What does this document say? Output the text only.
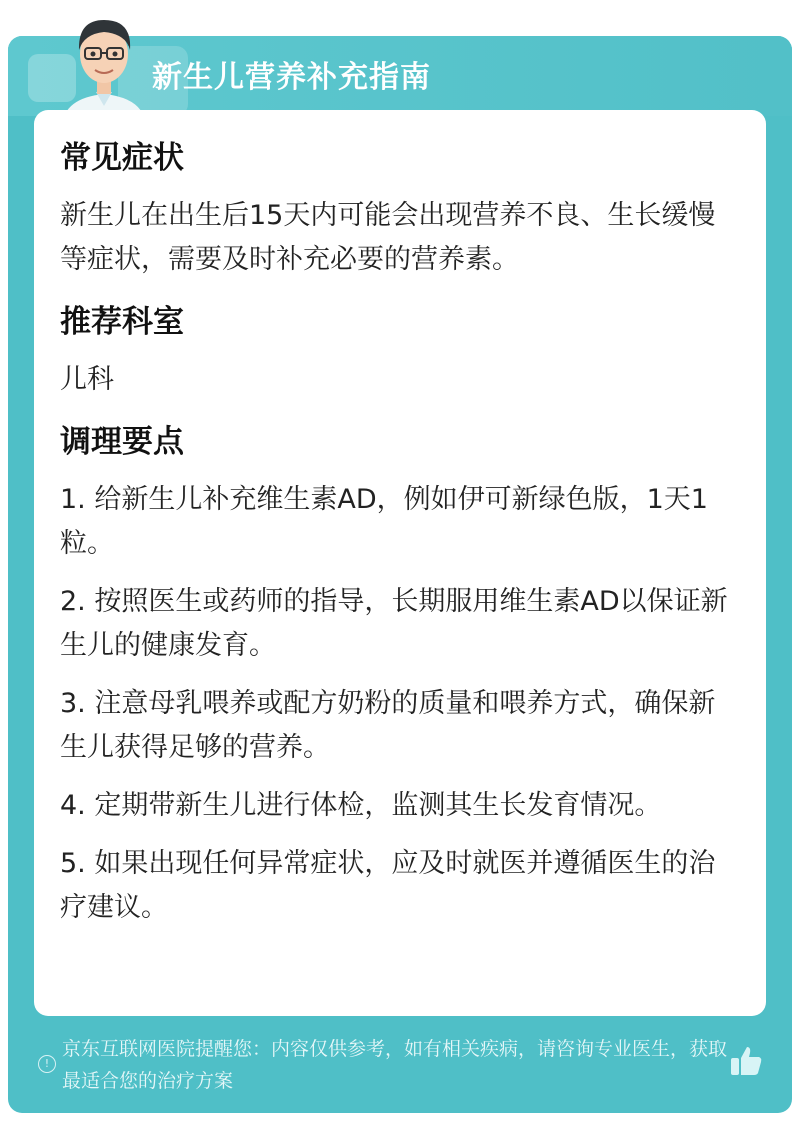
新生儿营养补充指南
常见症状
新生儿在出生后15天内可能会出现营养不良、生长缓慢等症状，需要及时补充必要的营养素。
推荐科室
儿科
调理要点
1. 给新生儿补充维生素AD，例如伊可新绿色版，1天1粒。
2. 按照医生或药师的指导，长期服用维生素AD以保证新生儿的健康发育。
3. 注意母乳喂养或配方奶粉的质量和喂养方式，确保新生儿获得足够的营养。
4. 定期带新生儿进行体检，监测其生长发育情况。
5. 如果出现任何异常症状，应及时就医并遵循医生的治疗建议。
!
京东互联网医院提醒您：内容仅供参考，如有相关疾病，请咨询专业医生，获取最适合您的治疗方案
